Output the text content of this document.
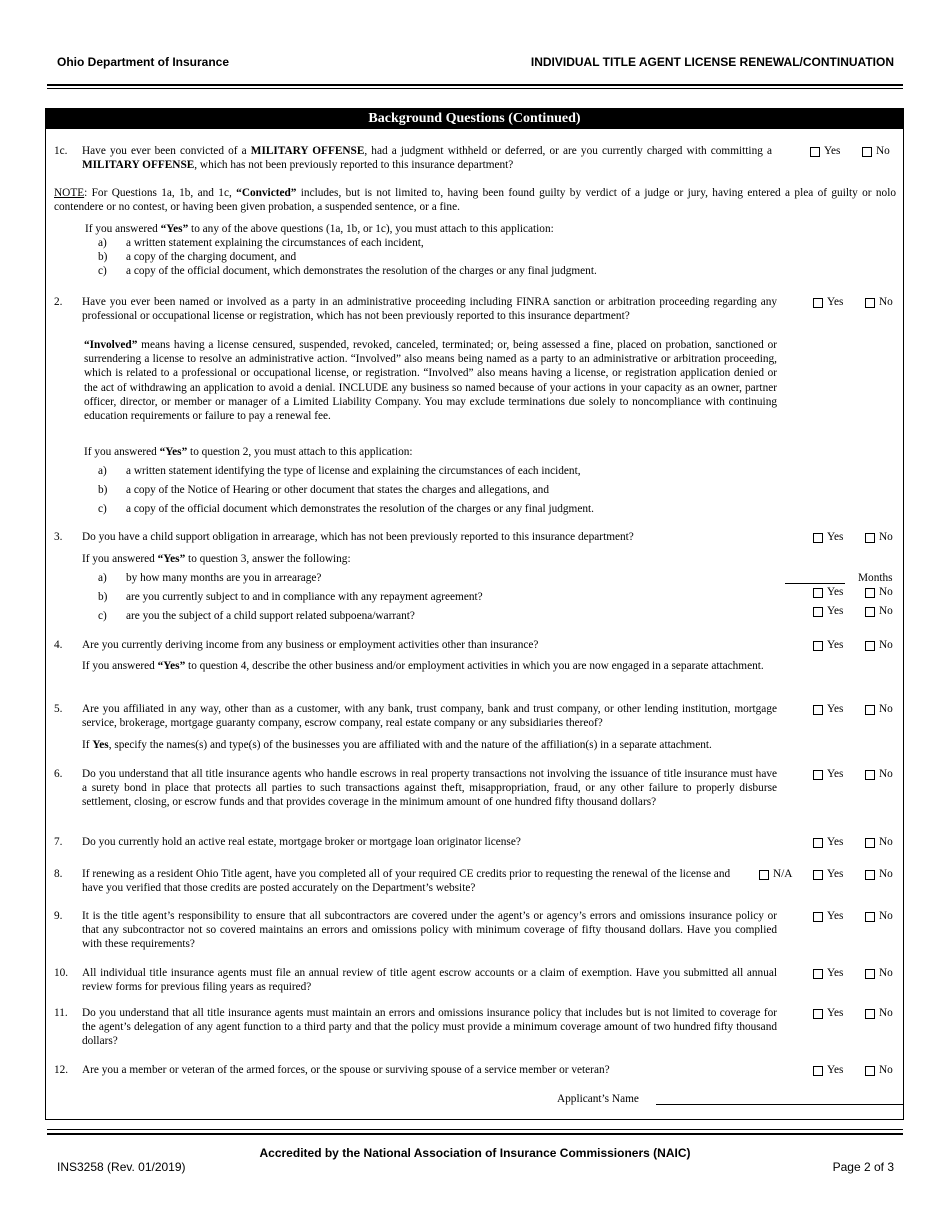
Ohio Department of Insurance	INDIVIDUAL TITLE AGENT LICENSE RENEWAL/CONTINUATION
Background Questions (Continued)
1c. Have you ever been convicted of a MILITARY OFFENSE, had a judgment withheld or deferred, or are you currently charged with committing a MILITARY OFFENSE, which has not been previously reported to this insurance department?
Yes	No
NOTE: For Questions 1a, 1b, and 1c, “Convicted” includes, but is not limited to, having been found guilty by verdict of a judge or jury, having entered a plea of guilty or nolo contendere or no contest, or having been given probation, a suspended sentence, or a fine.
If you answered “Yes” to any of the above questions (1a, 1b, or 1c), you must attach to this application:
a) a written statement explaining the circumstances of each incident,
b) a copy of the charging document, and
c) a copy of the official document, which demonstrates the resolution of the charges or any final judgment.
2. Have you ever been named or involved as a party in an administrative proceeding including FINRA sanction or arbitration proceeding regarding any professional or occupational license or registration, which has not been previously reported to this insurance department?
Yes	No
“Involved” means having a license censured, suspended, revoked, canceled, terminated; or, being assessed a fine, placed on probation, sanctioned or surrendering a license to resolve an administrative action. “Involved” also means being named as a party to an administrative or arbitration proceeding, which is related to a professional or occupational license, or registration. “Involved” also means having a license, or registration application denied or the act of withdrawing an application to avoid a denial. INCLUDE any business so named because of your actions in your capacity as an owner, partner officer, director, or member or manager of a Limited Liability Company. You may exclude terminations due solely to noncompliance with continuing education requirements or failure to pay a renewal fee.
If you answered “Yes” to question 2, you must attach to this application:
a) a written statement identifying the type of license and explaining the circumstances of each incident,
b) a copy of the Notice of Hearing or other document that states the charges and allegations, and
c) a copy of the official document which demonstrates the resolution of the charges or any final judgment.
3. Do you have a child support obligation in arrearage, which has not been previously reported to this insurance department?	Yes	No
If you answered “Yes” to question 3, answer the following:
a) by how many months are you in arrearage?	Months
b) are you currently subject to and in compliance with any repayment agreement?	Yes	No
c) are you the subject of a child support related subpoena/warrant?	Yes	No
4. Are you currently deriving income from any business or employment activities other than insurance?	Yes	No
If you answered “Yes” to question 4, describe the other business and/or employment activities in which you are now engaged in a separate attachment.
5. Are you affiliated in any way, other than as a customer, with any bank, trust company, bank and trust company, or other lending institution, mortgage service, brokerage, mortgage guaranty company, escrow company, real estate company or any subsidiaries thereof?
Yes	No
If Yes, specify the names(s) and type(s) of the businesses you are affiliated with and the nature of the affiliation(s) in a separate attachment.
6. Do you understand that all title insurance agents who handle escrows in real property transactions not involving the issuance of title insurance must have a surety bond in place that protects all parties to such transactions against theft, misappropriation, fraud, or any other failure to properly disburse settlement, closing, or escrow funds and that provides coverage in the minimum amount of one hundred fifty thousand dollars?
Yes	No
7. Do you currently hold an active real estate, mortgage broker or mortgage loan originator license?	Yes	No
8. If renewing as a resident Ohio Title agent, have you completed all of your required CE credits prior to requesting the renewal of the license and have you verified that those credits are posted accurately on the Department’s website?
N/A	Yes	No
9. It is the title agent’s responsibility to ensure that all subcontractors are covered under the agent’s or agency’s errors and omissions insurance policy or that any subcontractor not so covered maintains an errors and omissions policy with minimum coverage of fifty thousand dollars. Have you complied with these requirements?
Yes	No
10. All individual title insurance agents must file an annual review of title agent escrow accounts or a claim of exemption. Have you submitted all annual review forms for previous filing years as required?
Yes	No
11. Do you understand that all title insurance agents must maintain an errors and omissions insurance policy that includes but is not limited to coverage for the agent’s delegation of any agent function to a third party and that the policy must provide a minimum coverage amount of two hundred fifty thousand dollars?
Yes	No
12. Are you a member or veteran of the armed forces, or the spouse or surviving spouse of a service member or veteran?	Yes	No
Applicant’s Name
Accredited by the National Association of Insurance Commissioners (NAIC)
INS3258 (Rev. 01/2019)	Page 2 of 3
